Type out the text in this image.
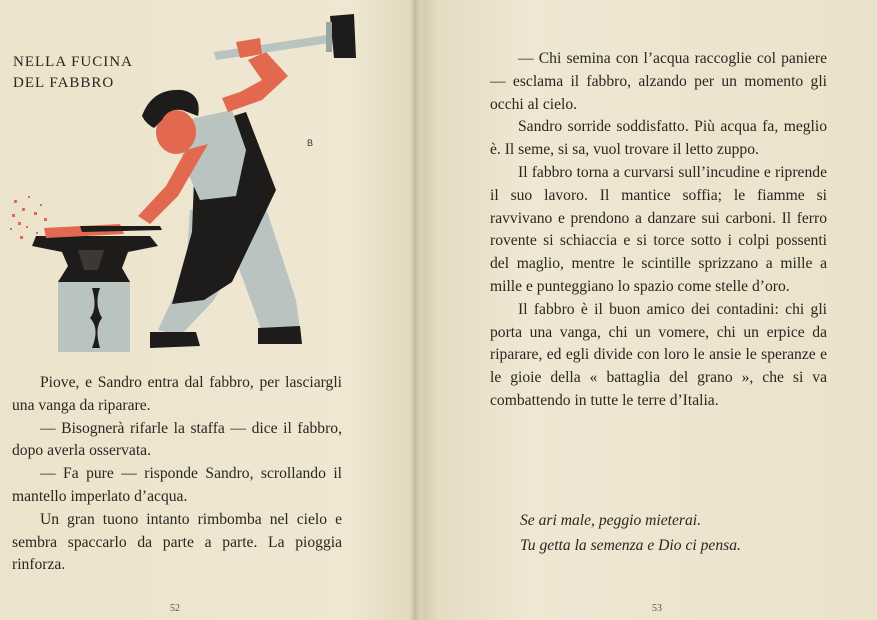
NELLA FUCINA
DEL FABBRO
B

Piove, e Sandro entra dal fabbro, per lasciargli una vanga da riparare.

— Bisognerà rifarle la staffa — dice il fabbro, dopo averla osservata.

— Fa pure — risponde Sandro, scrollando il mantello imperlato d’acqua.

Un gran tuono intanto rimbomba nel cielo e sembra spaccarlo da parte a parte. La pioggia rinforza.

52

— Chi semina con l’acqua raccoglie col paniere — esclama il fabbro, alzando per un momento gli occhi al cielo.

Sandro sorride soddisfatto. Più acqua fa, meglio è. Il seme, si sa, vuol trovare il letto zuppo.

Il fabbro torna a curvarsi sull’incudine e riprende il suo lavoro. Il mantice soffia; le fiamme si ravvivano e prendono a danzare sui carboni. Il ferro rovente si schiaccia e si torce sotto i colpi possenti del maglio, mentre le scintille sprizzano a mille a mille e punteggiano lo spazio come stelle d’oro.

Il fabbro è il buon amico dei contadini: chi gli porta una vanga, chi un vomere, chi un erpice da riparare, ed egli divide con loro le ansie le speranze e le gioie della « battaglia del grano », che si va combattendo in tutte le terre d’Italia.

Se ari male, peggio mieterai.
Tu getta la semenza e Dio ci pensa.
53
